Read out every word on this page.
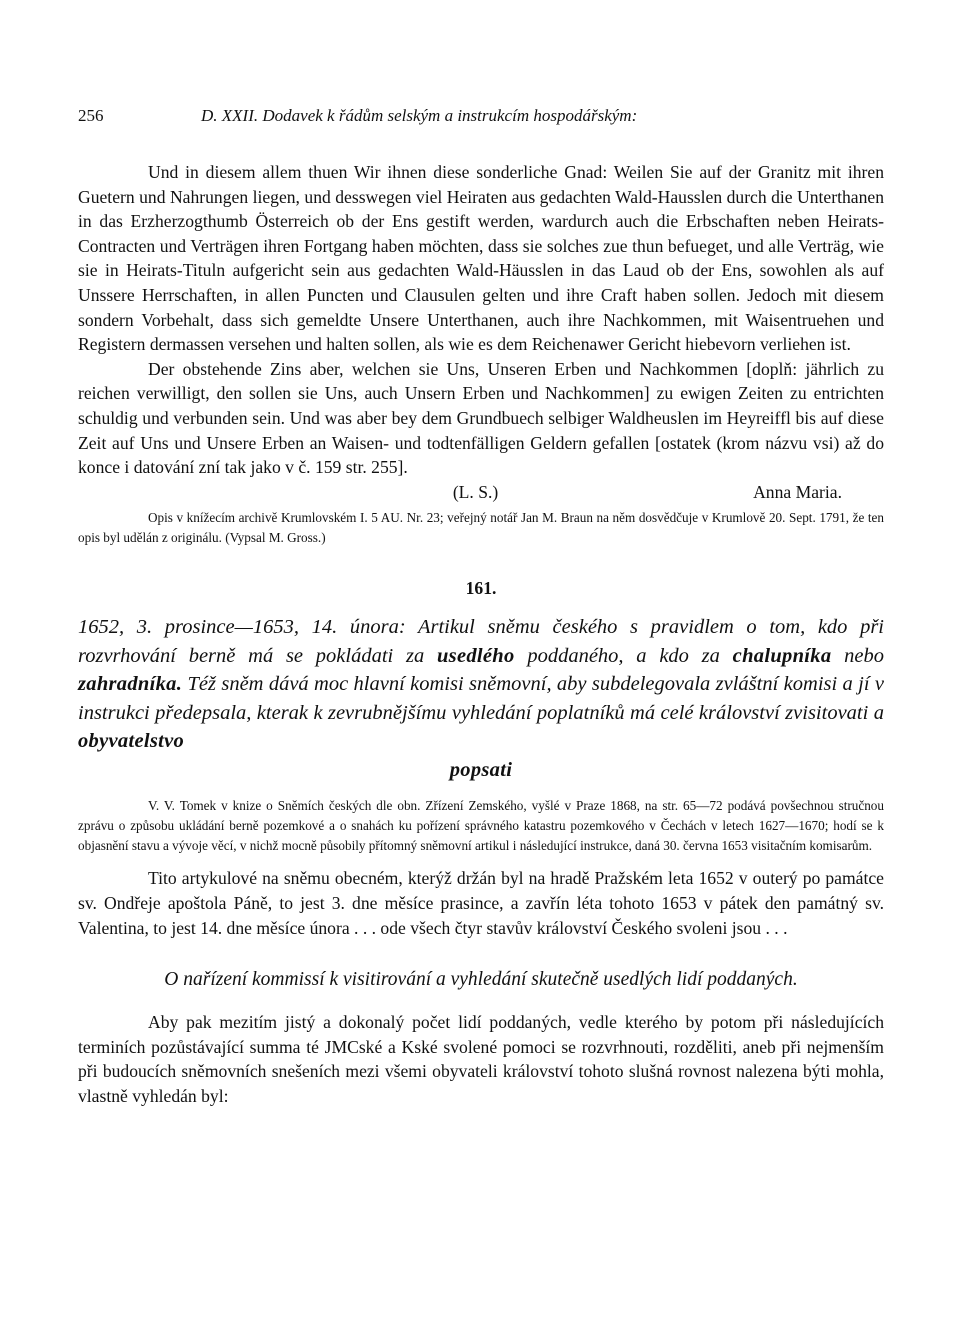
256	D. XXII. Dodavek k řádům selským a instrukcím hospodářským:

Und in diesem allem thuen Wir ihnen diese sonderliche Gnad: Weilen Sie auf der Granitz mit ihren Guetern und Nahrungen liegen, und desswegen viel Heiraten aus gedachten Wald-Hausslen durch die Unterthanen in das Erzherzogthumb Österreich ob der Ens gestift werden, wardurch auch die Erbschaften neben Heirats-Contracten und Verträgen ihren Fortgang haben möchten, dass sie solches zue thun befueget, und alle Verträg, wie sie in Heirats-Tituln aufgericht sein aus gedachten Wald-Häusslen in das Laud ob der Ens, sowohlen als auf Unssere Herrschaften, in allen Puncten und Clausulen gelten und ihre Craft haben sollen. Jedoch mit diesem sondern Vorbehalt, dass sich gemeldte Unsere Unterthanen, auch ihre Nachkommen, mit Waisentruehen und Registern dermassen versehen und halten sollen, als wie es dem Reichenawer Gericht hiebevorn verliehen ist.

Der obstehende Zins aber, welchen sie Uns, Unseren Erben und Nachkommen [doplň: jährlich zu reichen verwilligt, den sollen sie Uns, auch Unsern Erben und Nachkommen] zu ewigen Zeiten zu entrichten schuldig und verbunden sein. Und was aber bey dem Grundbuech selbiger Waldheuslen im Heyreiffl bis auf diese Zeit auf Uns und Unsere Erben an Waisen- und todtenfälligen Geldern gefallen [ostatek (krom názvu vsi) až do konce i datování zní tak jako v č. 159 str. 255].

(L. S.)	Anna Maria.

Opis v knížecím archivě Krumlovském I. 5 AU. Nr. 23; veřejný notář Jan M. Braun na něm dosvědčuje v Krumlově 20. Sept. 1791, že ten opis byl udělán z originálu. (Vypsal M. Gross.)

161.

1652, 3. prosince—1653, 14. února: Artikul sněmu českého s pravidlem o tom, kdo při rozvrhování berně má se pokládati za usedlého poddaného, a kdo za chalupníka nebo zahradníka. Též sněm dává moc hlavní komisi sněmovní, aby subdelegovala zvláštní komisi a jí v instrukci předepsala, kterak k zevrubnějšímu vyhledání poplatníků má celé království zvisitovati a obyvatelstvo
popsati

V. V. Tomek v knize o Sněmích českých dle obn. Zřízení Zemského, vyšlé v Praze 1868, na str. 65—72 podává povšechnou stručnou zprávu o způsobu ukládání berně pozemkové a o snahách ku pořízení správného katastru pozemkového v Čechách v letech 1627—1670; hodí se k objasnění stavu a vývoje věcí, v nichž mocně působily přítomný sněmovní artikul i následující instrukce, daná 30. června 1653 visitačním komisarům.

Tito artykulové na sněmu obecném, kterýž držán byl na hradě Pražském leta 1652 v outerý po památce sv. Ondřeje apoštola Páně, to jest 3. dne měsíce prasince, a zavřín léta tohoto 1653 v pátek den památný sv. Valentina, to jest 14. dne měsíce února . . . ode všech čtyr stavův království Českého svoleni jsou . . .

O nařízení kommissí k visitirování a vyhledání skutečně usedlých lidí poddaných.

Aby pak mezitím jistý a dokonalý počet lidí poddaných, vedle kterého by potom při následujících terminích pozůstávající summa té JMCské a Kské svolené pomoci se rozvrhnouti, rozděliti, aneb při nejmenším při budoucích sněmovních snešeních mezi všemi obyvateli království tohoto slušná rovnost nalezena býti mohla, vlastně vyhledán byl:
